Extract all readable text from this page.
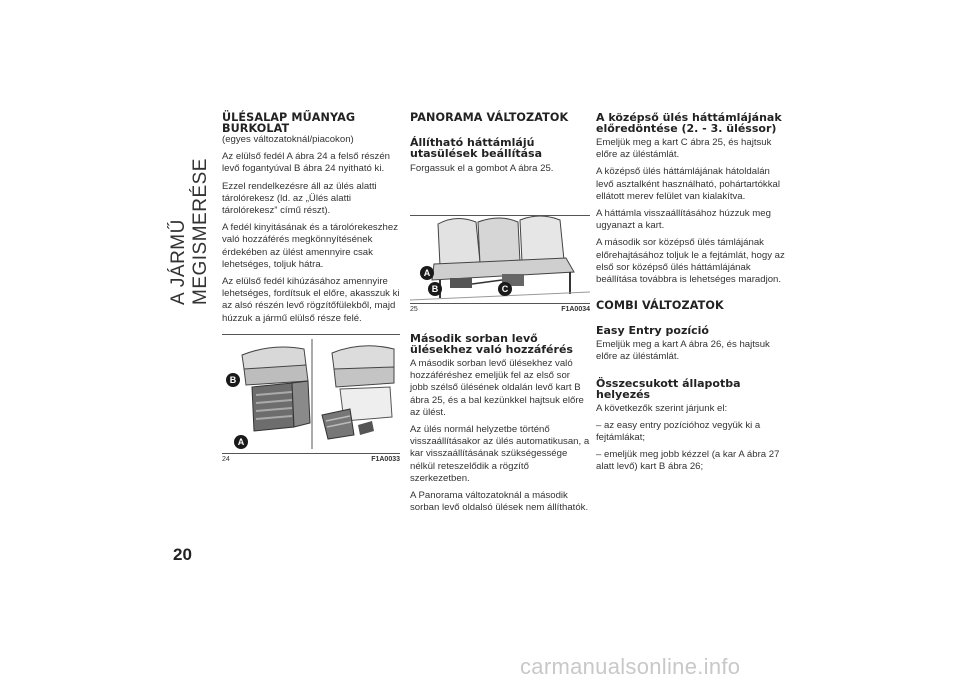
A JÁRMŰ MEGISMERÉSE
20
ÜLÉSALAP MŰANYAG BURKOLAT

(egyes változatoknál/piacokon)

Az elülső fedél A ábra 24 a felső részén levő fogantyúval B ábra 24 nyitható ki.

Ezzel rendelkezésre áll az ülés alatti tárolórekesz (ld. az „Ülés alatti tárolórekesz” című részt).

A fedél kinyitásának és a tárolórekeszhez való hozzáférés megkönnyítésének érdekében az ülést amennyire csak lehetséges, toljuk hátra.

Az elülső fedél kihúzásához amennyire lehetséges, fordítsuk el előre, akasszuk ki az alsó részén levő rögzítőfülekből, majd húzzuk a jármű elülső része felé.

B
A
24	F1A0033
PANORAMA VÁLTOZATOK
Állítható háttámlájú utasülések beállítása

Forgassuk el a gombot A ábra 25.

A
B	C
25	F1A0034
Második sorban levő ülésekhez való hozzáférés

A második sorban levő ülésekhez való hozzáféréshez emeljük fel az első sor jobb szélső ülésének oldalán levő kart B ábra 25, és a bal kezünkkel hajtsuk előre az ülést.

Az ülés normál helyzetbe történő visszaállításakor az ülés automatikusan, a kar visszaállításának szükségessége nélkül reteszelődik a rögzítő szerkezetben.

A Panorama változatoknál a második sorban levő oldalsó ülések nem állíthatók.

A középső ülés háttámlájának előredöntése (2. - 3. üléssor)

Emeljük meg a kart C ábra 25, és hajtsuk előre az üléstámlát.

A középső ülés háttámlájának hátoldalán levő asztalként használható, pohártartókkal ellátott merev felület van kialakítva.

A háttámla visszaállításához húzzuk meg ugyanazt a kart.

A második sor középső ülés támlájának előrehajtásához toljuk le a fejtámlát, hogy az első sor középső ülés háttámlájának beállítása továbbra is lehetséges maradjon.

COMBI VÁLTOZATOK
Easy Entry pozíció

Emeljük meg a kart A ábra 26, és hajtsuk előre az üléstámlát.

Összecsukott állapotba helyezés

A következők szerint járjunk el:

– az easy entry pozícióhoz vegyük ki a fejtámlákat;

– emeljük meg jobb kézzel (a kar A ábra 27 alatt levő) kart B ábra 26;

carmanualsonline.info
